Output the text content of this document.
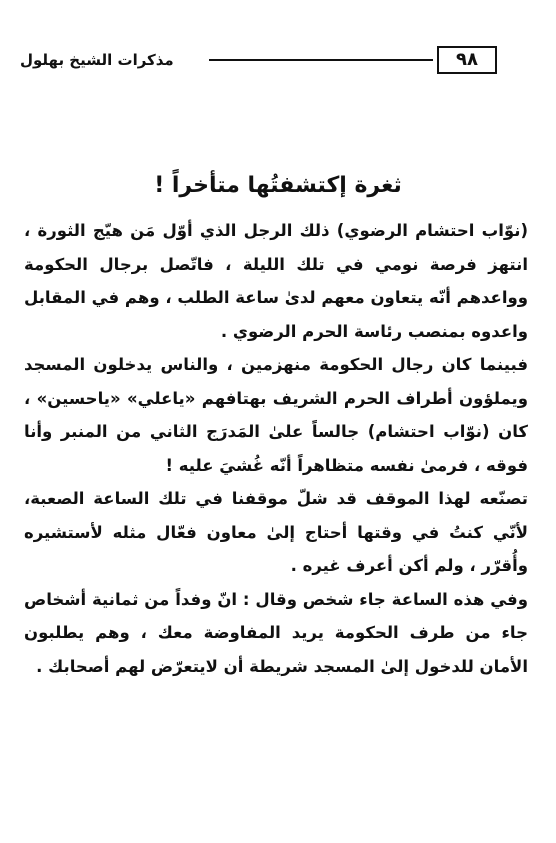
مذكرات الشيخ بهلول	٩٨
ثغرة إكتشفتُها متأخراً !

(نوّاب احتشام الرضوي) ذلك الرجل الذي أوّل مَن هيّج الثورة ، انتهز فرصة نومي في تلك الليلة ، فاتّصل برجال الحكومة وواعدهم أنّه يتعاون معهم لدىٰ ساعة الطلب ، وهم في المقابل واعدوه بمنصب رئاسة الحرم الرضوي .

فبينما كان رجال الحكومة منهزمين ، والناس يدخلون المسجد ويملؤون أطراف الحرم الشريف بهتافهم «ياعلي» «ياحسين» ، كان (نوّاب احتشام) جالساً علىٰ المَدرَج الثاني من المنبر وأنا فوقه ، فرمىٰ نفسه متظاهراً أنّه غُشيَ عليه !

تصنّعه لهذا الموقف قد شلّ موقفنا في تلك الساعة الصعبة، لأنّي كنتُ في وقتها أحتاج إلىٰ معاون فعّال مثله لأستشيره وأُقرّر ، ولم أكن أعرف غيره .

وفي هذه الساعة جاء شخص وقال : انّ وفداً من ثمانية أشخاص جاء من طرف الحكومة يريد المفاوضة معك ، وهم يطلبون الأمان للدخول إلىٰ المسجد شريطة أن لايتعرّض لهم أصحابك .
